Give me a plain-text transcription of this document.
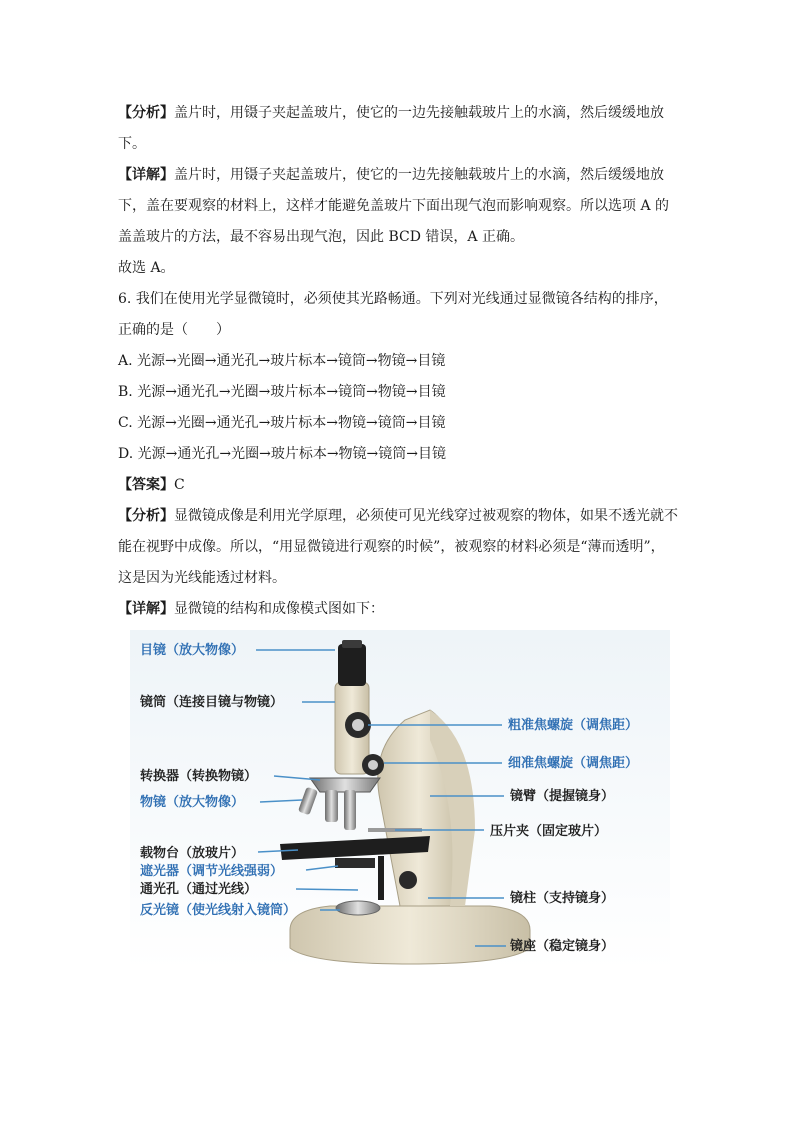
【分析】盖片时，用镊子夹起盖玻片，使它的一边先接触载玻片上的水滴，然后缓缓地放下。

【详解】盖片时，用镊子夹起盖玻片，使它的一边先接触载玻片上的水滴，然后缓缓地放下，盖在要观察的材料上，这样才能避免盖玻片下面出现气泡而影响观察。所以选项 A 的盖盖玻片的方法，最不容易出现气泡，因此 BCD 错误，A 正确。

故选 A。

6. 我们在使用光学显微镜时，必须使其光路畅通。下列对光线通过显微镜各结构的排序，正确的是（　　）

A. 光源→光圈→通光孔→玻片标本→镜筒→物镜→目镜

B. 光源→通光孔→光圈→玻片标本→镜筒→物镜→目镜

C. 光源→光圈→通光孔→玻片标本→物镜→镜筒→目镜

D. 光源→通光孔→光圈→玻片标本→物镜→镜筒→目镜

【答案】C

【分析】显微镜成像是利用光学原理，必须使可见光线穿过被观察的物体，如果不透光就不能在视野中成像。所以，“用显微镜进行观察的时候”，被观察的材料必须是“薄而透明”，这是因为光线能透过材料。

【详解】显微镜的结构和成像模式图如下：

目镜（放大物像）
镜筒（连接目镜与物镜）
粗准焦螺旋（调焦距）
细准焦螺旋（调焦距）
转换器（转换物镜）
物镜（放大物像）	镜臂（提握镜身）
压片夹（固定玻片）
载物台（放玻片）
遮光器（调节光线强弱）
通光孔（通过光线）
反光镜（使光线射入镜筒）
镜柱（支持镜身）
镜座（稳定镜身）
